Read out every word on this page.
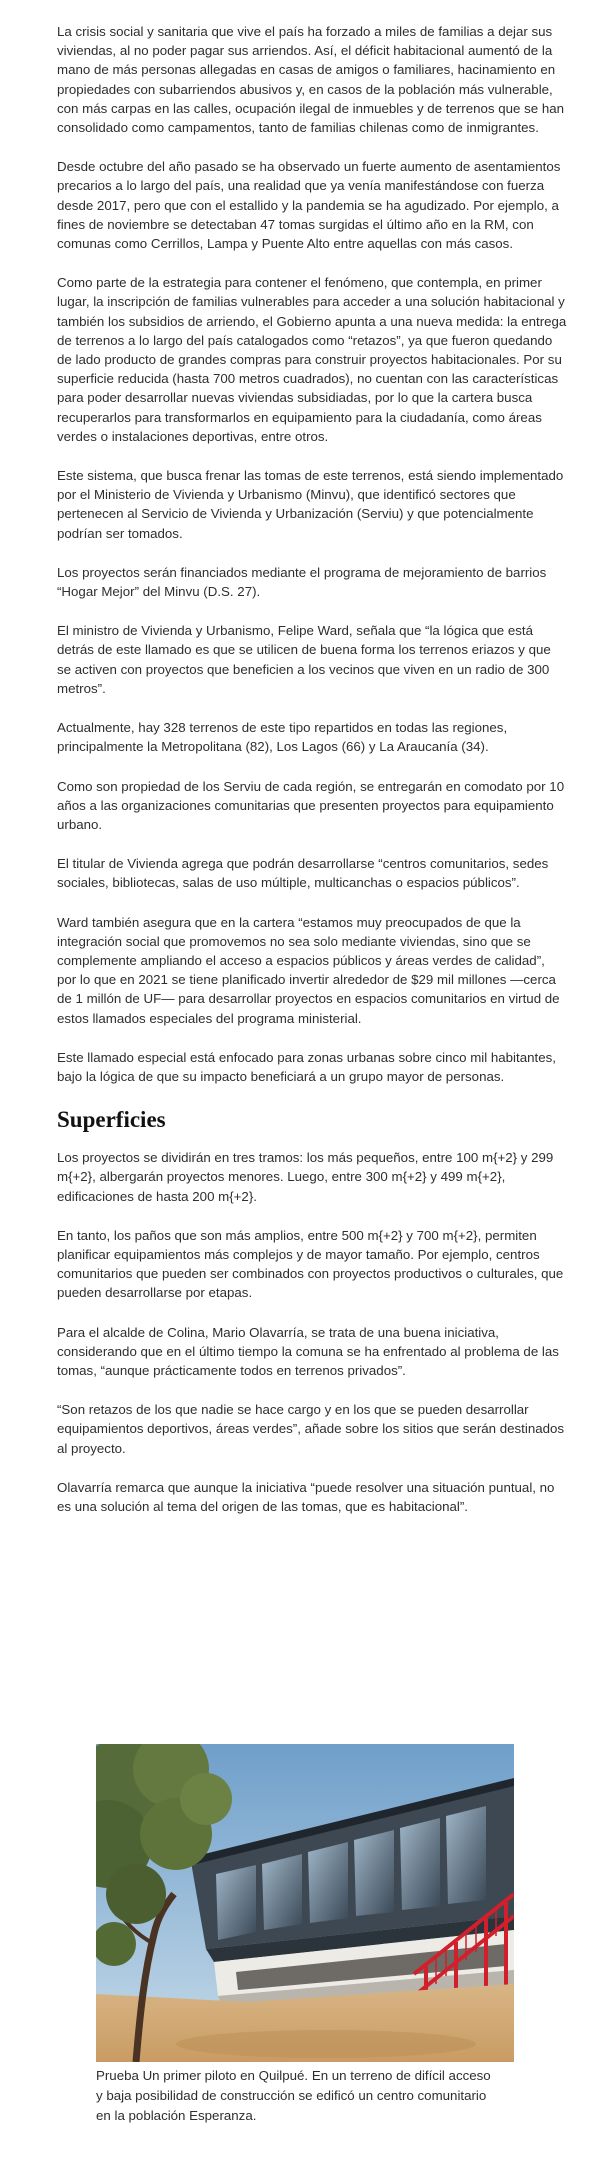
La crisis social y sanitaria que vive el país ha forzado a miles de familias a dejar sus viviendas, al no poder pagar sus arriendos. Así, el déficit habitacional aumentó de la mano de más personas allegadas en casas de amigos o familiares, hacinamiento en propiedades con subarriendos abusivos y, en casos de la población más vulnerable, con más carpas en las calles, ocupación ilegal de inmuebles y de terrenos que se han consolidado como campamentos, tanto de familias chilenas como de inmigrantes.

Desde octubre del año pasado se ha observado un fuerte aumento de asentamientos precarios a lo largo del país, una realidad que ya venía manifestándose con fuerza desde 2017, pero que con el estallido y la pandemia se ha agudizado. Por ejemplo, a fines de noviembre se detectaban 47 tomas surgidas el último año en la RM, con comunas como Cerrillos, Lampa y Puente Alto entre aquellas con más casos.

Como parte de la estrategia para contener el fenómeno, que contempla, en primer lugar, la inscripción de familias vulnerables para acceder a una solución habitacional y también los subsidios de arriendo, el Gobierno apunta a una nueva medida: la entrega de terrenos a lo largo del país catalogados como “retazos”, ya que fueron quedando de lado producto de grandes compras para construir proyectos habitacionales. Por su superficie reducida (hasta 700 metros cuadrados), no cuentan con las características para poder desarrollar nuevas viviendas subsidiadas, por lo que la cartera busca recuperarlos para transformarlos en equipamiento para la ciudadanía, como áreas verdes o instalaciones deportivas, entre otros.

Este sistema, que busca frenar las tomas de este terrenos, está siendo implementado por el Ministerio de Vivienda y Urbanismo (Minvu), que identificó sectores que pertenecen al Servicio de Vivienda y Urbanización (Serviu) y que potencialmente podrían ser tomados.

Los proyectos serán financiados mediante el programa de mejoramiento de barrios “Hogar Mejor” del Minvu (D.S. 27).

El ministro de Vivienda y Urbanismo, Felipe Ward, señala que “la lógica que está detrás de este llamado es que se utilicen de buena forma los terrenos eriazos y que se activen con proyectos que beneficien a los vecinos que viven en un radio de 300 metros”.

Actualmente, hay 328 terrenos de este tipo repartidos en todas las regiones, principalmente la Metropolitana (82), Los Lagos (66) y La Araucanía (34).

Como son propiedad de los Serviu de cada región, se entregarán en comodato por 10 años a las organizaciones comunitarias que presenten proyectos para equipamiento urbano.

El titular de Vivienda agrega que podrán desarrollarse “centros comunitarios, sedes sociales, bibliotecas, salas de uso múltiple, multicanchas o espacios públicos”.

Ward también asegura que en la cartera “estamos muy preocupados de que la integración social que promovemos no sea solo mediante viviendas, sino que se complemente ampliando el acceso a espacios públicos y áreas verdes de calidad”, por lo que en 2021 se tiene planificado invertir alrededor de $29 mil millones —cerca de 1 millón de UF— para desarrollar proyectos en espacios comunitarios en virtud de estos llamados especiales del programa ministerial.

Este llamado especial está enfocado para zonas urbanas sobre cinco mil habitantes, bajo la lógica de que su impacto beneficiará a un grupo mayor de personas.

Superficies

Los proyectos se dividirán en tres tramos: los más pequeños, entre 100 m{+2} y 299 m{+2}, albergarán proyectos menores. Luego, entre 300 m{+2} y 499 m{+2}, edificaciones de hasta 200 m{+2}.

En tanto, los paños que son más amplios, entre 500 m{+2} y 700 m{+2}, permiten planificar equipamientos más complejos y de mayor tamaño. Por ejemplo, centros comunitarios que pueden ser combinados con proyectos productivos o culturales, que pueden desarrollarse por etapas.

Para el alcalde de Colina, Mario Olavarría, se trata de una buena iniciativa, considerando que en el último tiempo la comuna se ha enfrentado al problema de las tomas, “aunque prácticamente todos en terrenos privados”.

“Son retazos de los que nadie se hace cargo y en los que se pueden desarrollar equipamientos deportivos, áreas verdes”, añade sobre los sitios que serán destinados al proyecto.

Olavarría remarca que aunque la iniciativa “puede resolver una situación puntual, no es una solución al tema del origen de las tomas, que es habitacional”.

Prueba Un primer piloto en Quilpué. En un terreno de difícil acceso y baja posibilidad de construcción se edificó un centro comunitario en la población Esperanza.
